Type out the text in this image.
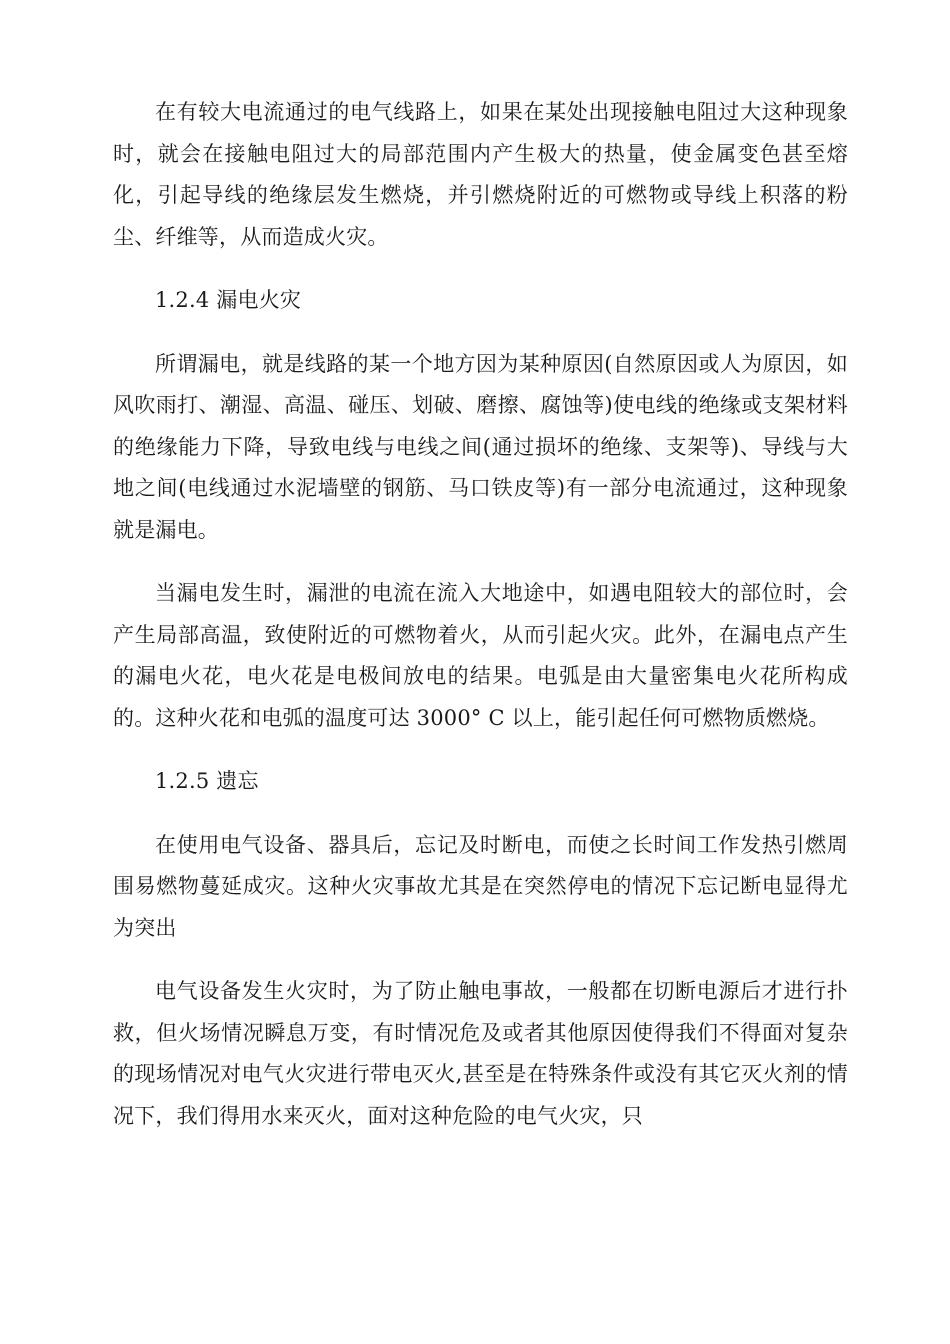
在有较大电流通过的电气线路上，如果在某处出现接触电阻过大这种现象时，就会在接触电阻过大的局部范围内产生极大的热量，使金属变色甚至熔化，引起导线的绝缘层发生燃烧，并引燃烧附近的可燃物或导线上积落的粉尘、纤维等，从而造成火灾。

1.2.4 漏电火灾

所谓漏电，就是线路的某一个地方因为某种原因(自然原因或人为原因，如风吹雨打、潮湿、高温、碰压、划破、磨擦、腐蚀等)使电线的绝缘或支架材料的绝缘能力下降，导致电线与电线之间(通过损坏的绝缘、支架等)、导线与大地之间(电线通过水泥墙壁的钢筋、马口铁皮等)有一部分电流通过，这种现象就是漏电。

当漏电发生时，漏泄的电流在流入大地途中，如遇电阻较大的部位时，会产生局部高温，致使附近的可燃物着火，从而引起火灾。此外，在漏电点产生的漏电火花，电火花是电极间放电的结果。电弧是由大量密集电火花所构成的。这种火花和电弧的温度可达 3000° C 以上，能引起任何可燃物质燃烧。

1.2.5 遗忘

在使用电气设备、器具后，忘记及时断电，而使之长时间工作发热引燃周围易燃物蔓延成灾。这种火灾事故尤其是在突然停电的情况下忘记断电显得尤为突出

电气设备发生火灾时，为了防止触电事故，一般都在切断电源后才进行扑救，但火场情况瞬息万变，有时情况危及或者其他原因使得我们不得面对复杂的现场情况对电气火灾进行带电灭火,甚至是在特殊条件或没有其它灭火剂的情况下，我们得用水来灭火，面对这种危险的电气火灾，只
